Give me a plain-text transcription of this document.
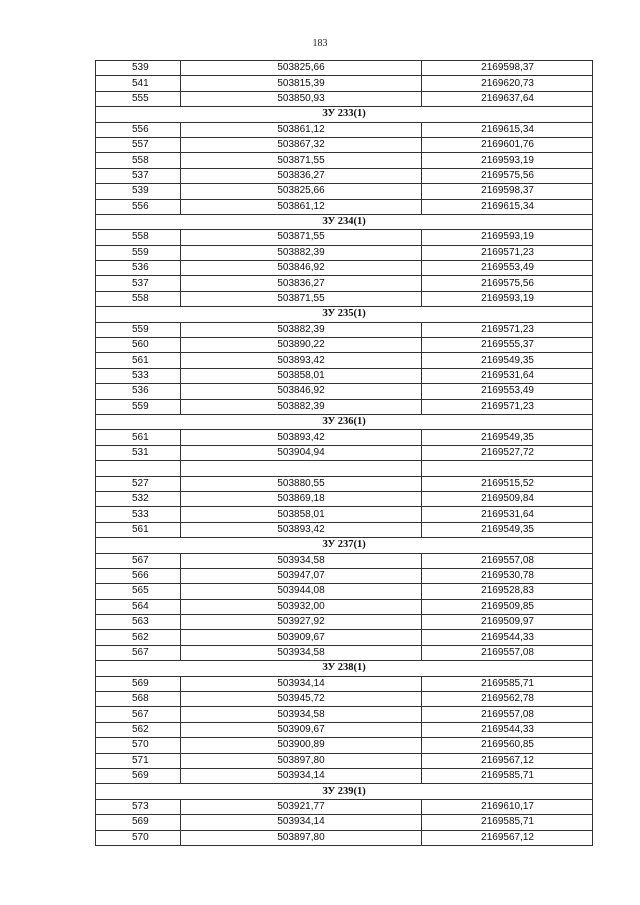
183
539	503825,66	2169598,37
541	503815,39	2169620,73
555	503850,93	2169637,64
ЗУ 233(1)		
556	503861,12	2169615,34
557	503867,32	2169601,76
558	503871,55	2169593,19
537	503836,27	2169575,56
539	503825,66	2169598,37
556	503861,12	2169615,34
ЗУ 234(1)		
558	503871,55	2169593,19
559	503882,39	2169571,23
536	503846,92	2169553,49
537	503836,27	2169575,56
558	503871,55	2169593,19
ЗУ 235(1)		
559	503882,39	2169571,23
560	503890,22	2169555,37
561	503893,42	2169549,35
533	503858,01	2169531,64
536	503846,92	2169553,49
559	503882,39	2169571,23
ЗУ 236(1)		
561	503893,42	2169549,35
531	503904,94	2169527,72

527	503880,55	2169515,52
532	503869,18	2169509,84
533	503858,01	2169531,64
561	503893,42	2169549,35
ЗУ 237(1)		
567	503934,58	2169557,08
566	503947,07	2169530,78
565	503944,08	2169528,83
564	503932,00	2169509,85
563	503927,92	2169509,97
562	503909,67	2169544,33
567	503934,58	2169557,08
ЗУ 238(1)		
569	503934,14	2169585,71
568	503945,72	2169562,78
567	503934,58	2169557,08
562	503909,67	2169544,33
570	503900,89	2169560,85
571	503897,80	2169567,12
569	503934,14	2169585,71
ЗУ 239(1)		
573	503921,77	2169610,17
569	503934,14	2169585,71
570	503897,80	2169567,12
